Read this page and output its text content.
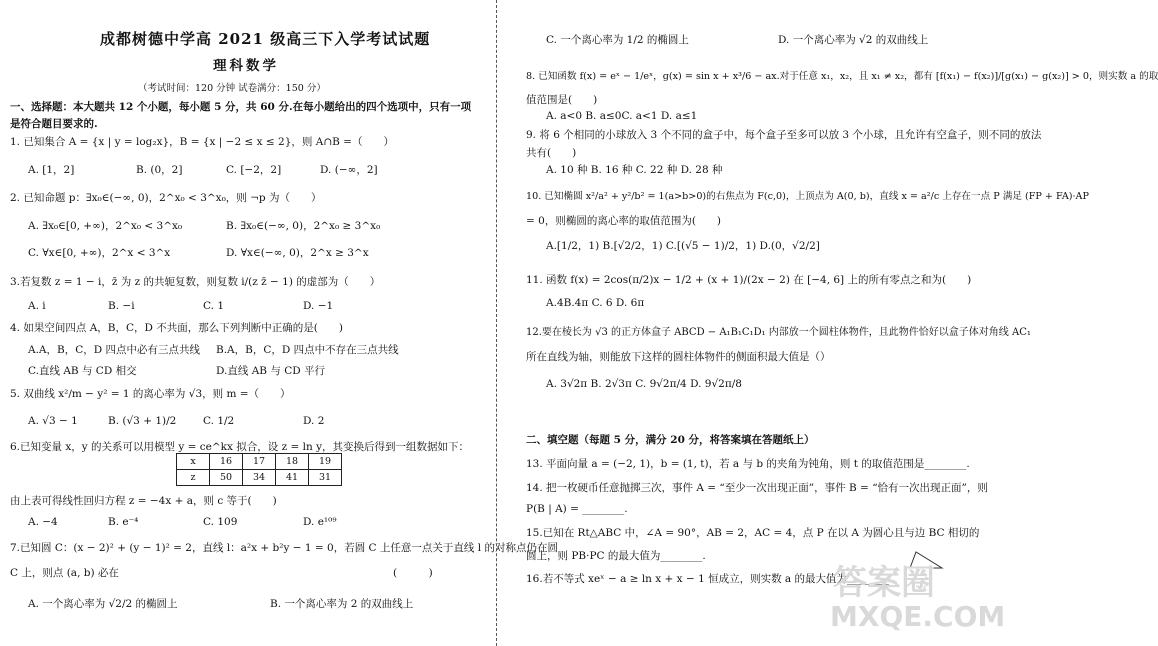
成都树德中学高 2021 级高三下入学考试试题
理科数学
（考试时间：120 分钟 试卷满分：150 分）
一、选择题：本大题共 12 个小题，每小题 5 分，共 60 分.在每小题给出的四个选项中，只有一项是符合题目要求的.
1. 已知集合 A = {x | y = log₂x}，B = {x | −2 ≤ x ≤ 2}，则 A∩B =（　　）
A. [1，2]	B. (0，2]	C. [−2，2]	D. (−∞，2]
2. 已知命题 p：∃x₀∈(−∞, 0)，2^x₀ < 3^x₀，则 ¬p 为（　　）
A. ∃x₀∈[0, +∞)，2^x₀ < 3^x₀	B. ∃x₀∈(−∞, 0)，2^x₀ ≥ 3^x₀
C. ∀x∈[0, +∞)，2^x < 3^x	D. ∀x∈(−∞, 0)，2^x ≥ 3^x
3.若复数 z = 1 − i，z̄ 为 z 的共轭复数，则复数 i/(z z̄ − 1) 的虚部为（　　）
A. i	B. −i	C. 1	D. −1
4. 如果空间四点 A，B，C，D 不共面，那么下列判断中正确的是(　　)
A.A，B，C，D 四点中必有三点共线 B.A，B，C，D 四点中不存在三点共线
C.直线 AB 与 CD 相交	D.直线 AB 与 CD 平行
5. 双曲线 x²/m − y² = 1 的离心率为 √3，则 m =（　　）
A. √3 − 1	B. (√3 + 1)/2	C. 1/2	D. 2
6.已知变量 x，y 的关系可以用模型 y = ce^kx 拟合，设 z = ln y，其变换后得到一组数据如下：
x	16	17	18	19
z	50	34	41	31
由上表可得线性回归方程 z = −4x + a，则 c 等于(　　)
A. −4	B. e⁻⁴	C. 109	D. e¹⁰⁹
7.已知圆 C：(x − 2)² + (y − 1)² = 2，直线 l：a²x + b²y − 1 = 0，若圆 C 上任意一点关于直线 l 的对称点仍在圆
C 上，则点 (a, b) 必在	(　　　)
A. 一个离心率为 √2/2 的椭圆上	B. 一个离心率为 2 的双曲线上
C. 一个离心率为 1/2 的椭圆上	D. 一个离心率为 √2 的双曲线上
8. 已知函数 f(x) = eˣ − 1/eˣ，g(x) = sin x + x³/6 − ax.对于任意 x₁，x₂，且 x₁ ≠ x₂，都有 [f(x₁) − f(x₂)]/[g(x₁) − g(x₂)] > 0，则实数 a 的取
值范围是(　　)
A. a<0 B. a≤0C. a<1 D. a≤1
9. 将 6 个相同的小球放入 3 个不同的盒子中，每个盒子至多可以放 3 个小球，且允许有空盒子，则不同的放法
共有(　　)
A. 10 种 B. 16 种 C. 22 种 D. 28 种
10. 已知椭圆 x²/a² + y²/b² = 1(a>b>0)的右焦点为 F(c,0)，上顶点为 A(0, b)，直线 x = a²/c 上存在一点 P 满足 (FP + FA)·AP
= 0，则椭圆的离心率的取值范围为(　　)
A.[1/2，1) B.[√2/2，1) C.[(√5 − 1)/2，1) D.(0，√2/2]
11. 函数 f(x) = 2cos(π/2)x − 1/2 + (x + 1)/(2x − 2) 在 [−4, 6] 上的所有零点之和为(　　)
A.4B.4π C. 6 D. 6π
12.要在棱长为 √3 的正方体盒子 ABCD − A₁B₁C₁D₁ 内部放一个圆柱体物件，且此物件恰好以盒子体对角线 AC₁
所在直线为轴，则能放下这样的圆柱体物件的侧面积最大值是（）
A. 3√2π B. 2√3π C. 9√2π/4 D. 9√2π/8
二、填空题（每题 5 分，满分 20 分，将答案填在答题纸上）
13. 平面向量 a = (−2, 1)，b = (1, t)，若 a 与 b 的夹角为钝角，则 t 的取值范围是________.
14. 把一枚硬币任意抛掷三次，事件 A = “至少一次出现正面”，事件 B = “恰有一次出现正面”，则
P(B | A) = ________.
15.已知在 Rt△ABC 中，∠A = 90°，AB = 2，AC = 4，点 P 在以 A 为圆心且与边 BC 相切的
圆上，则 PB·PC 的最大值为________.
16.若不等式 xeˣ − a ≥ ln x + x − 1 恒成立，则实数 a 的最大值为________.
答案圈
MXQE.COM
